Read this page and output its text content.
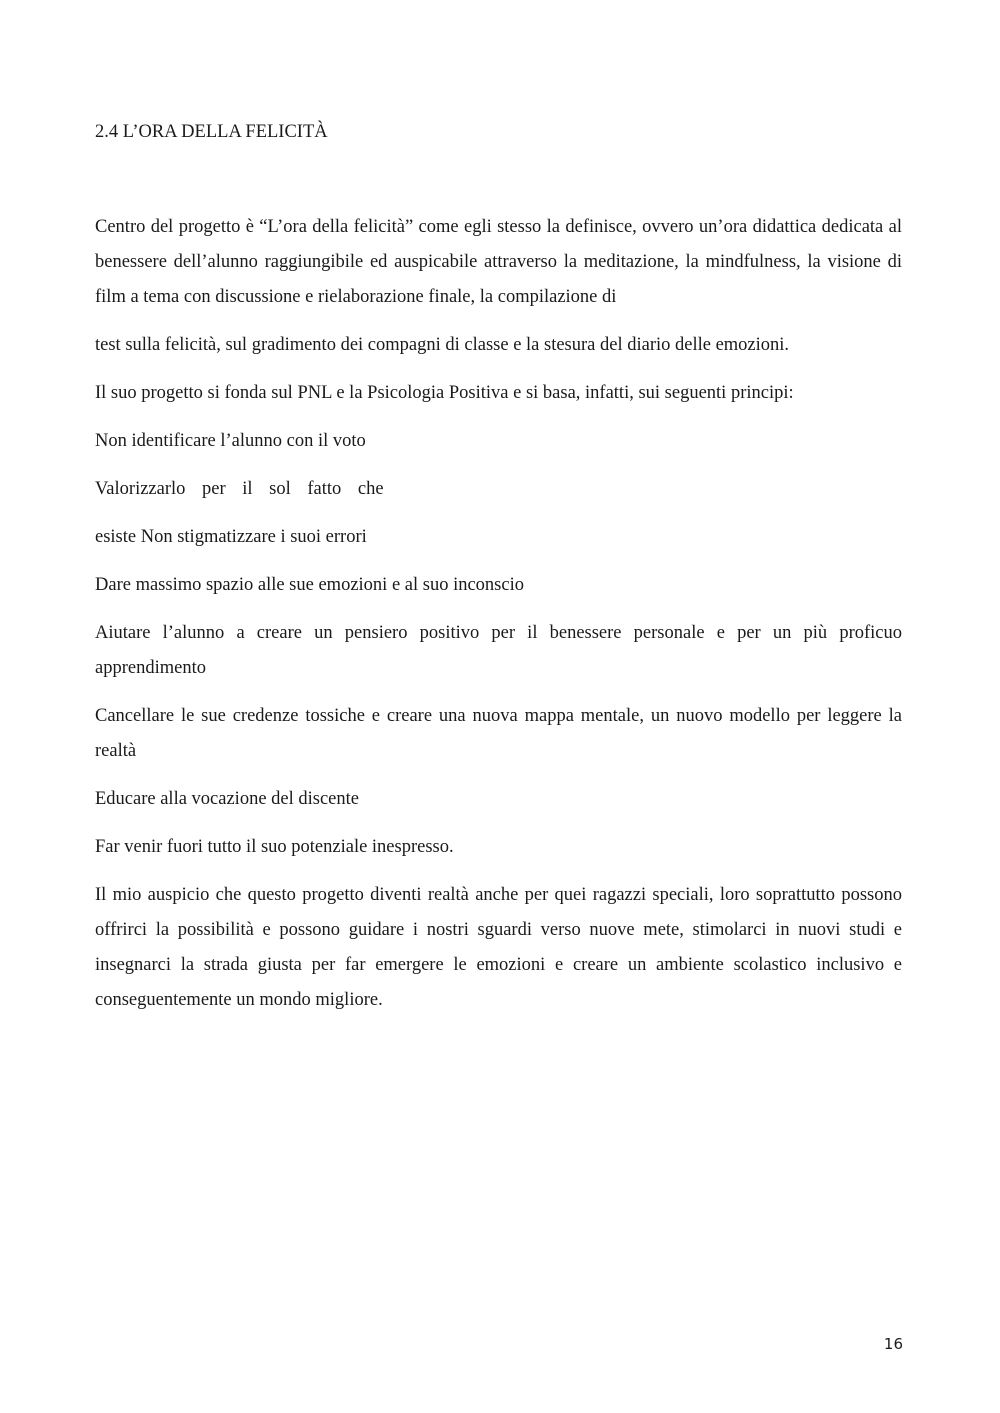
2.4 L’ORA DELLA FELICITÀ

Centro del progetto è “L’ora della felicità” come egli stesso la definisce, ovvero un’ora didattica dedicata al benessere dell’alunno raggiungibile ed auspicabile attraverso la meditazione, la mindfulness, la visione di film a tema con discussione e rielaborazione finale, la compilazione di

test sulla felicità, sul gradimento dei compagni di classe e la stesura del diario delle emozioni.

Il suo progetto si fonda sul PNL e la Psicologia Positiva e si basa, infatti, sui seguenti principi:

Non identificare l’alunno con il voto

Valorizzarlo per il sol fatto che

esiste Non stigmatizzare i suoi errori

Dare massimo spazio alle sue emozioni e al suo inconscio

Aiutare l’alunno a creare un pensiero positivo per il benessere personale e per un più proficuo apprendimento

Cancellare le sue credenze tossiche e creare una nuova mappa mentale, un nuovo modello per leggere la realtà

Educare alla vocazione del discente

Far venir fuori tutto il suo potenziale inespresso.

Il mio auspicio che questo progetto diventi realtà anche per quei ragazzi speciali, loro soprattutto possono offrirci la possibilità e possono guidare i nostri sguardi verso nuove mete, stimolarci in nuovi studi e insegnarci la strada giusta per far emergere le emozioni e creare un ambiente scolastico inclusivo e conseguentemente un mondo migliore.

16
